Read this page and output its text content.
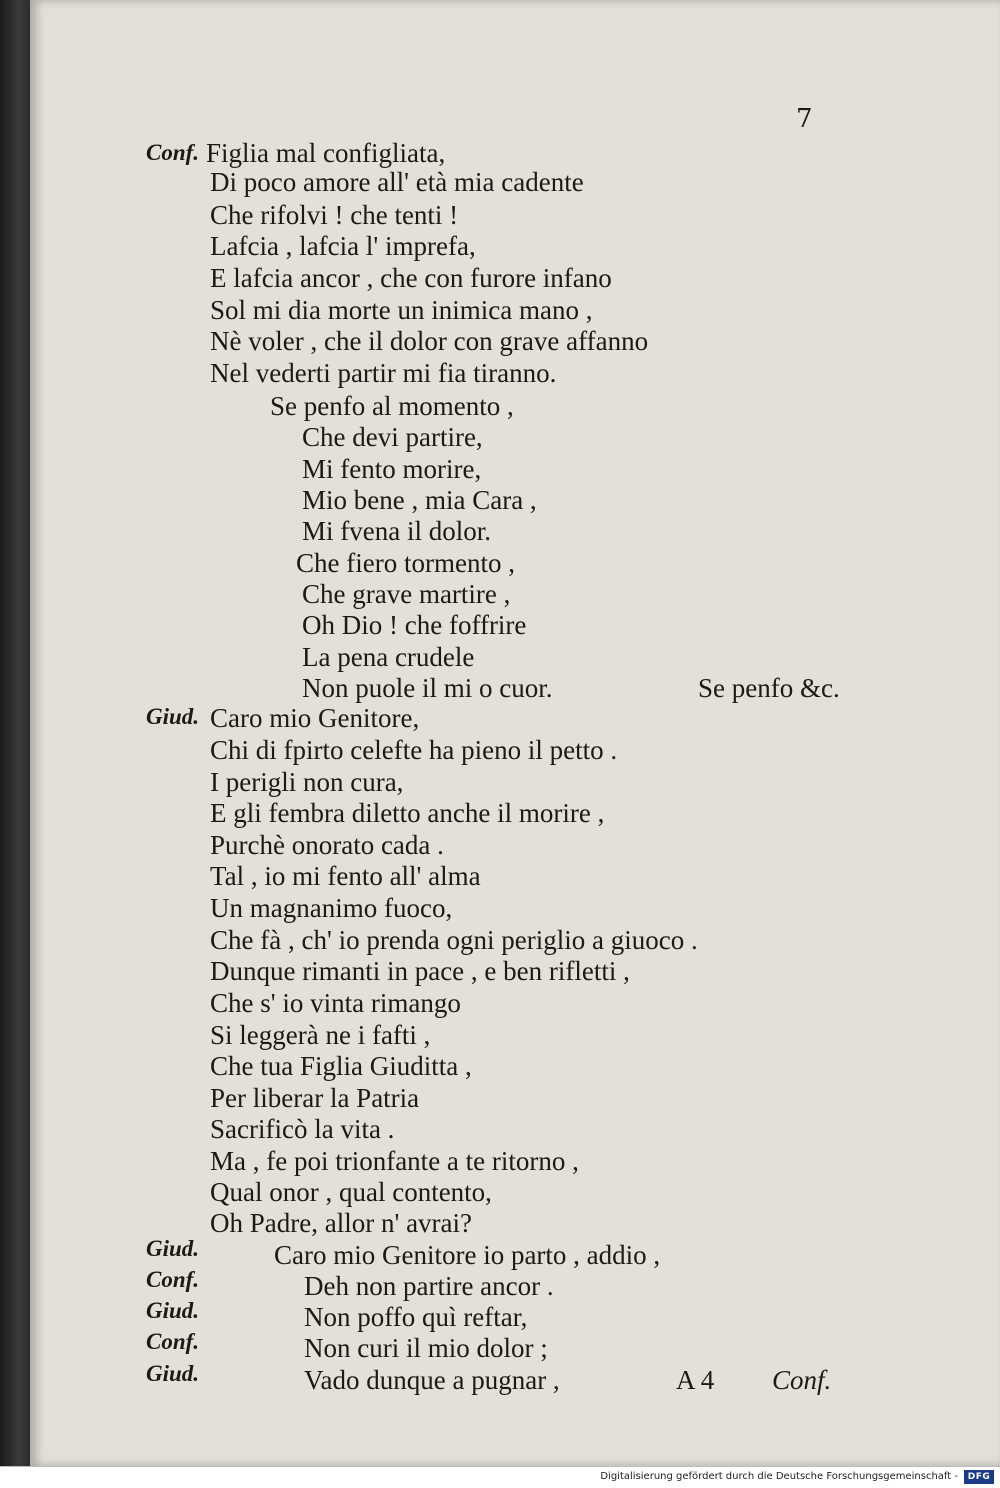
7
Conf.
Giud.
Giud.
Conf.
Giud.
Conf.
Giud.
Figlia mal configliata,
Di poco amore all' età mia cadente
Che rifolvi ! che tenti !
Lafcia , lafcia l' imprefa,
E lafcia ancor , che con furore infano
Sol mi dia morte un inimica mano ,
Nè voler , che il dolor con grave affanno
Nel vederti partir mi fia tiranno.
Se penfo al momento ,
Che devi partire,
Mi fento morire,
Mio bene , mia Cara ,
Mi fvena il dolor.
Che fiero tormento ,
Che grave martire ,
Oh Dio ! che foffrire
La pena crudele
Non puole il mi o cuor.	Se penfo &c.
Caro mio Genitore,
Chi di fpirto celefte ha pieno il petto .
I perigli non cura,
E gli fembra diletto anche il morire ,
Purchè onorato cada .
Tal , io mi fento all' alma
Un magnanimo fuoco,
Che fà , ch' io prenda ogni periglio a giuoco .
Dunque rimanti in pace , e ben rifletti ,
Che s' io vinta rimango
Si leggerà ne i fafti ,
Che tua Figlia Giuditta ,
Per liberar la Patria
Sacrificò la vita .
Ma , fe poi trionfante a te ritorno ,
Qual onor , qual contento,
Oh Padre, allor n' avrai?
Caro mio Genitore io parto , addio ,
Deh non partire ancor .
Non poffo quì reftar,
Non curi il mio dolor ;
Vado dunque a pugnar ,	A 4 Conf.
Digitalisierung gefördert durch die Deutsche Forschungsgemeinschaft -	DFG
